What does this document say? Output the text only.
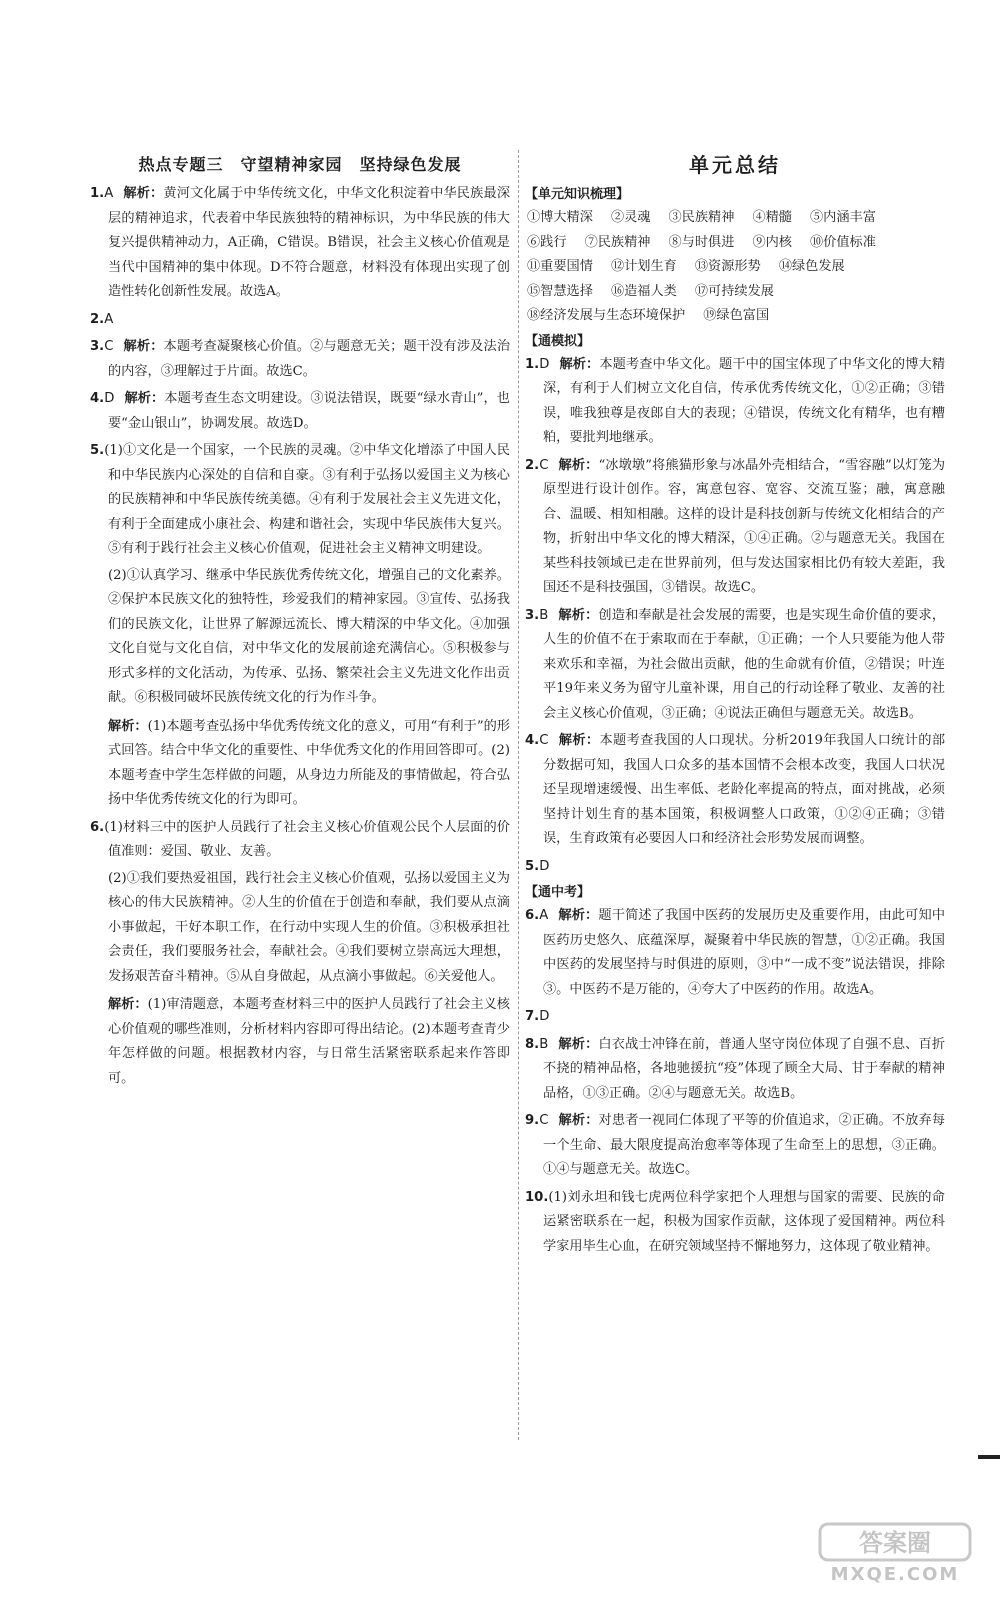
热点专题三　守望精神家园　坚持绿色发展
1.A 解析：黄河文化属于中华传统文化，中华文化积淀着中华民族最深层的精神追求，代表着中华民族独特的精神标识，为中华民族的伟大复兴提供精神动力，A正确，C错误。B错误，社会主义核心价值观是当代中国精神的集中体现。D不符合题意，材料没有体现出实现了创造性转化创新性发展。故选A。
2.A
3.C 解析：本题考查凝聚核心价值。②与题意无关；题干没有涉及法治的内容，③理解过于片面。故选C。
4.D 解析：本题考查生态文明建设。③说法错误，既要“绿水青山”，也要“金山银山”，协调发展。故选D。

5.(1)①文化是一个国家，一个民族的灵魂。②中华文化增添了中国人民和中华民族内心深处的自信和自豪。③有利于弘扬以爱国主义为核心的民族精神和中华民族传统美德。④有利于发展社会主义先进文化，有利于全面建成小康社会、构建和谐社会，实现中华民族伟大复兴。⑤有利于践行社会主义核心价值观，促进社会主义精神文明建设。

(2)①认真学习、继承中华民族优秀传统文化，增强自己的文化素养。②保护本民族文化的独特性，珍爱我们的精神家园。③宣传、弘扬我们的民族文化，让世界了解源远流长、博大精深的中华文化。④加强文化自觉与文化自信，对中华文化的发展前途充满信心。⑤积极参与形式多样的文化活动，为传承、弘扬、繁荣社会主义先进文化作出贡献。⑥积极同破坏民族传统文化的行为作斗争。

解析：(1)本题考查弘扬中华优秀传统文化的意义，可用“有利于”的形式回答。结合中华文化的重要性、中华优秀文化的作用回答即可。(2)本题考查中学生怎样做的问题，从身边力所能及的事情做起，符合弘扬中华优秀传统文化的行为即可。

6.(1)材料三中的医护人员践行了社会主义核心价值观公民个人层面的价值准则：爱国、敬业、友善。

(2)①我们要热爱祖国，践行社会主义核心价值观，弘扬以爱国主义为核心的伟大民族精神。②人生的价值在于创造和奉献，我们要从点滴小事做起，干好本职工作，在行动中实现人生的价值。③积极承担社会责任，我们要服务社会，奉献社会。④我们要树立崇高远大理想，发扬艰苦奋斗精神。⑤从自身做起，从点滴小事做起。⑥关爱他人。

解析：(1)审清题意，本题考查材料三中的医护人员践行了社会主义核心价值观的哪些准则，分析材料内容即可得出结论。(2)本题考查青少年怎样做的问题。根据教材内容，与日常生活紧密联系起来作答即可。

单元总结
【单元知识梳理】
①博大精深 ②灵魂 ③民族精神 ④精髓 ⑤内涵丰富⑥践行 ⑦民族精神 ⑧与时俱进 ⑨内核 ⑩价值标准⑪重要国情 ⑫计划生育 ⑬资源形势 ⑭绿色发展⑮智慧选择 ⑯造福人类 ⑰可持续发展⑱经济发展与生态环境保护 ⑲绿色富国
【通模拟】
1.D 解析：本题考查中华文化。题干中的国宝体现了中华文化的博大精深，有利于人们树立文化自信，传承优秀传统文化，①②正确；③错误，唯我独尊是夜郎自大的表现；④错误，传统文化有精华，也有糟粕，要批判地继承。
2.C 解析：“冰墩墩”将熊猫形象与冰晶外壳相结合，“雪容融”以灯笼为原型进行设计创作。容，寓意包容、宽容、交流互鉴；融，寓意融合、温暖、相知相融。这样的设计是科技创新与传统文化相结合的产物，折射出中华文化的博大精深，①④正确。②与题意无关。我国在某些科技领域已走在世界前列，但与发达国家相比仍有较大差距，我国还不是科技强国，③错误。故选C。
3.B 解析：创造和奉献是社会发展的需要，也是实现生命价值的要求，人生的价值不在于索取而在于奉献，①正确；一个人只要能为他人带来欢乐和幸福，为社会做出贡献，他的生命就有价值，②错误；叶连平19年来义务为留守儿童补课，用自己的行动诠释了敬业、友善的社会主义核心价值观，③正确；④说法正确但与题意无关。故选B。
4.C 解析：本题考查我国的人口现状。分析2019年我国人口统计的部分数据可知，我国人口众多的基本国情不会根本改变，我国人口状况还呈现增速缓慢、出生率低、老龄化率提高的特点，面对挑战，必须坚持计划生育的基本国策，积极调整人口政策，①②④正确；③错误，生育政策有必要因人口和经济社会形势发展而调整。
5.D
【通中考】
6.A 解析：题干简述了我国中医药的发展历史及重要作用，由此可知中医药历史悠久、底蕴深厚，凝聚着中华民族的智慧，①②正确。我国中医药的发展坚持与时俱进的原则，③中“一成不变”说法错误，排除③。中医药不是万能的，④夸大了中医药的作用。故选A。
7.D
8.B 解析：白衣战士冲锋在前，普通人坚守岗位体现了自强不息、百折不挠的精神品格，各地驰援抗“疫”体现了顾全大局、甘于奉献的精神品格，①③正确。②④与题意无关。故选B。
9.C 解析：对患者一视同仁体现了平等的价值追求，②正确。不放弃每一个生命、最大限度提高治愈率等体现了生命至上的思想，③正确。①④与题意无关。故选C。
10.(1)刘永坦和钱七虎两位科学家把个人理想与国家的需要、民族的命运紧密联系在一起，积极为国家作贡献，这体现了爱国精神。两位科学家用毕生心血，在研究领域坚持不懈地努力，这体现了敬业精神。
答案圈
MXQE.COM
